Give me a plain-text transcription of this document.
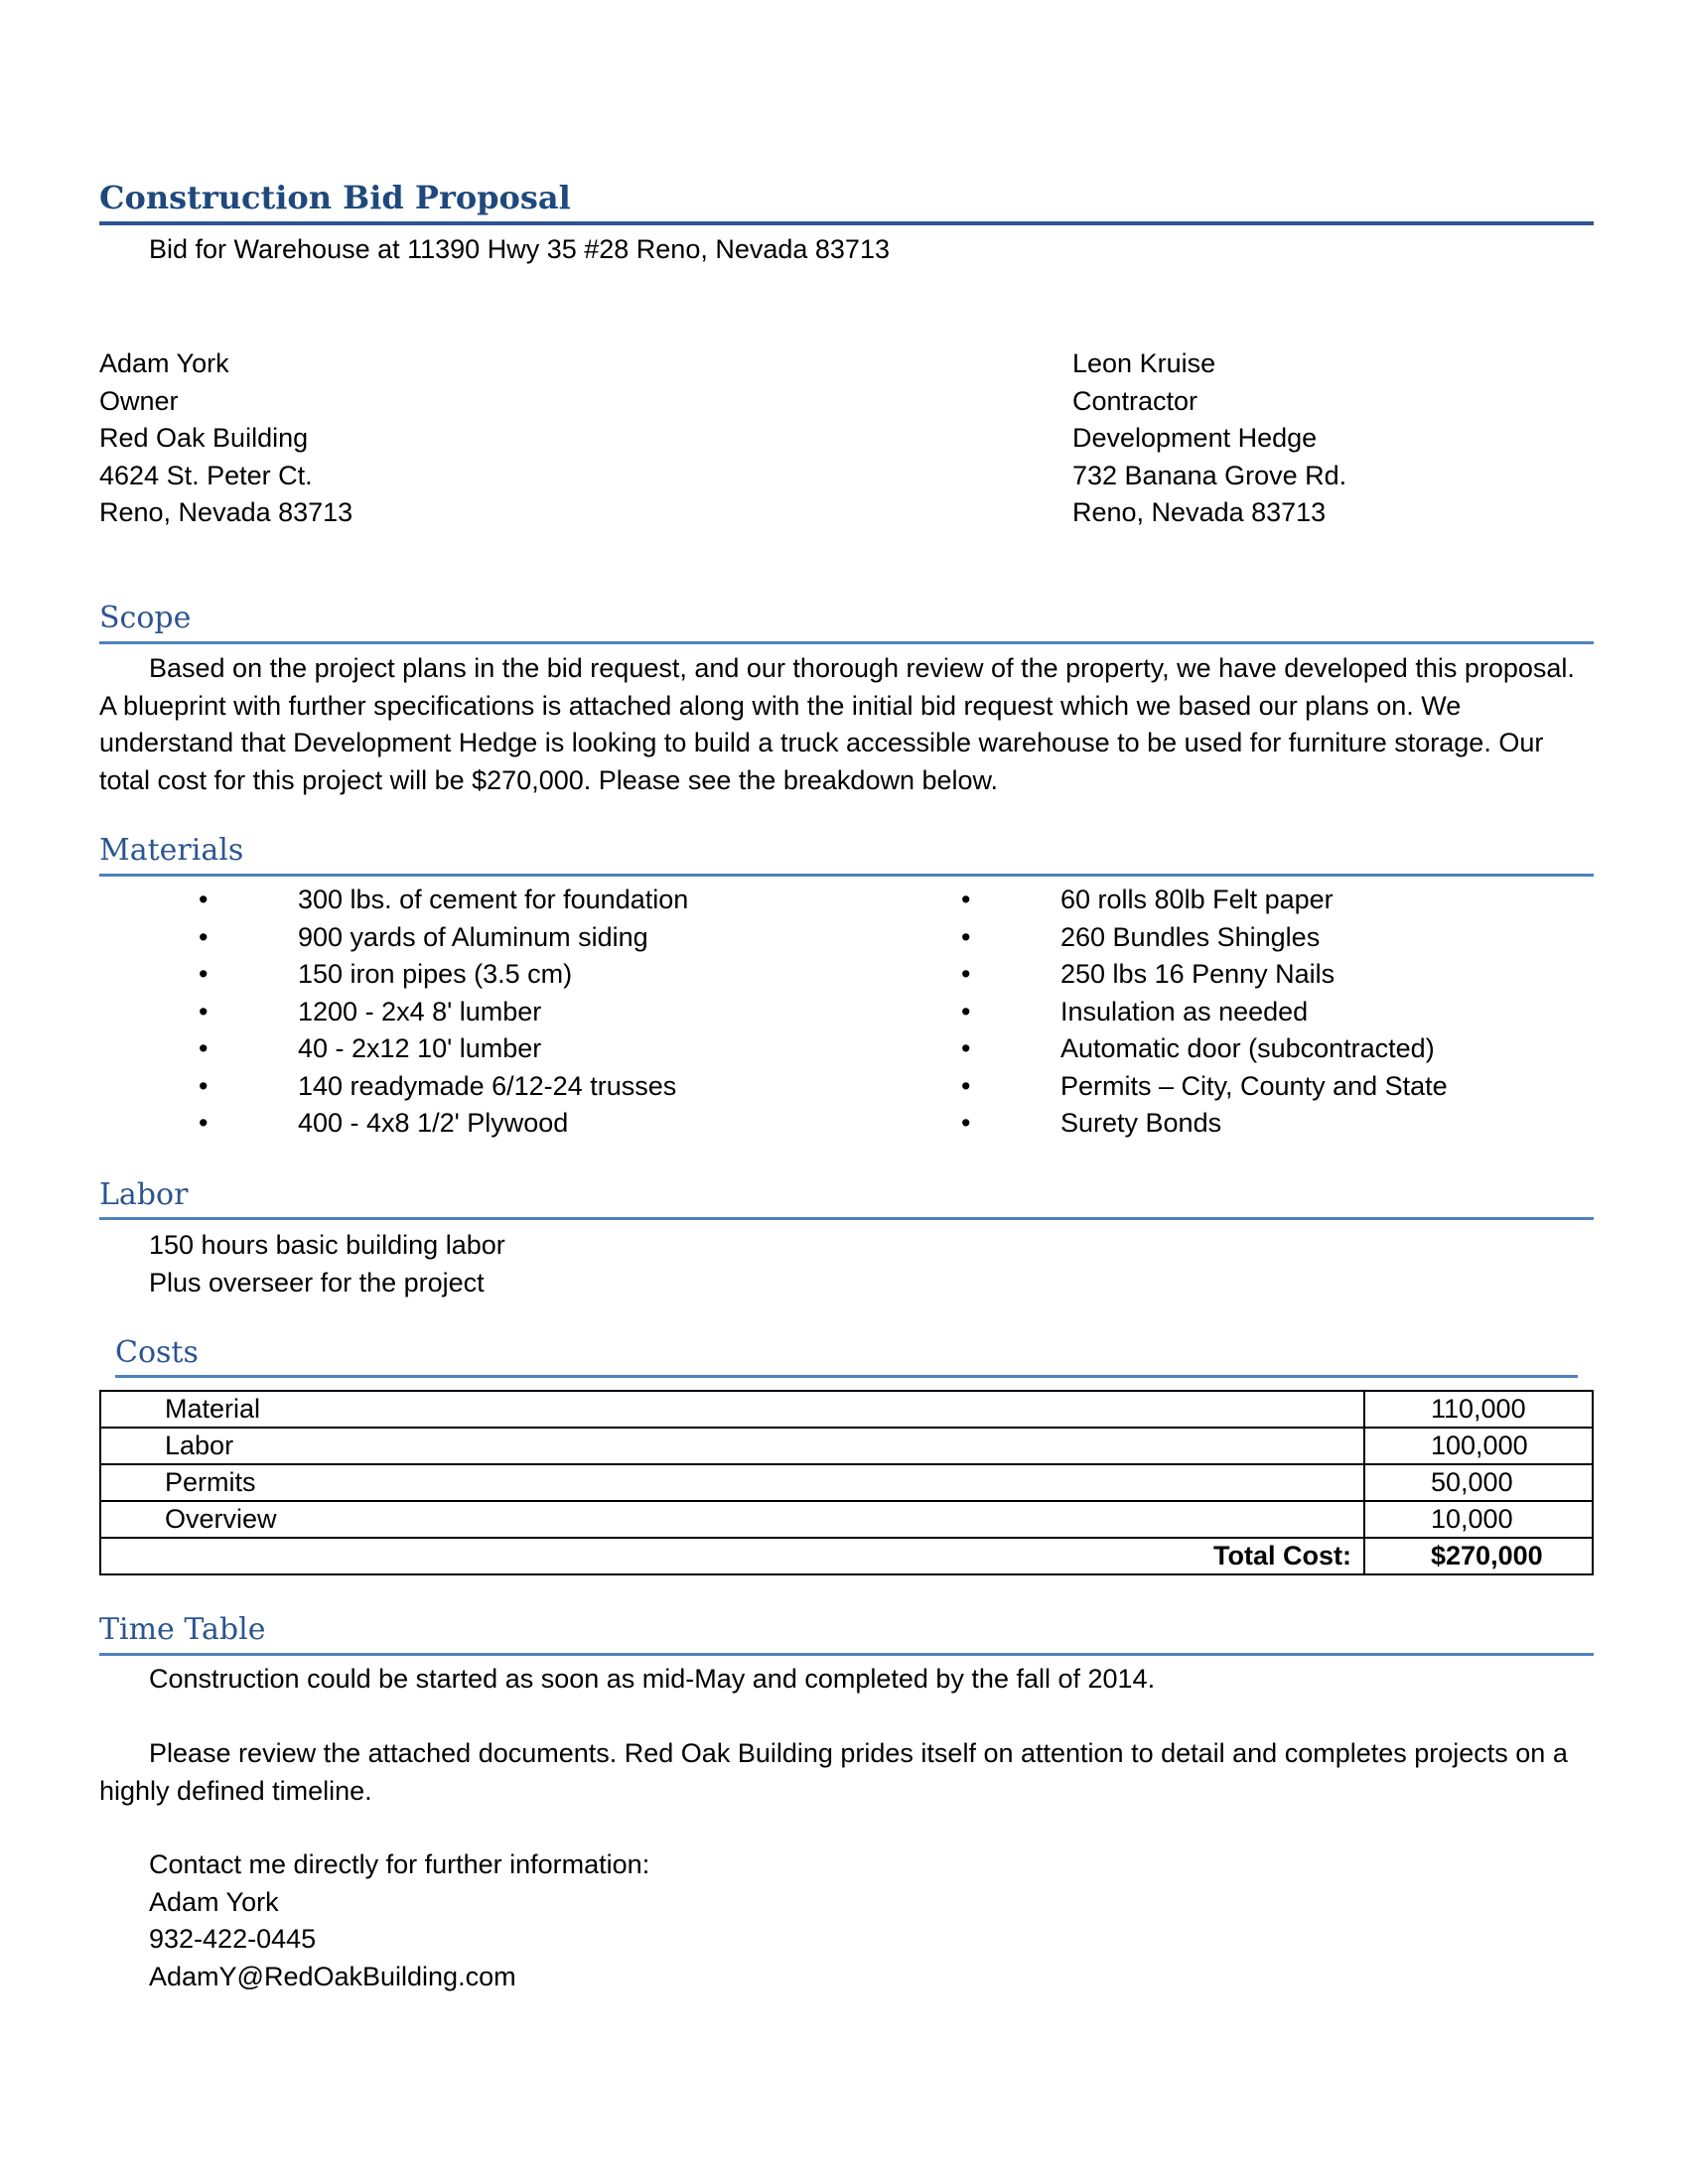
Construction Bid Proposal
Bid for Warehouse at 11390 Hwy 35 #28 Reno, Nevada 83713
Adam York
Owner
Red Oak Building
4624 St. Peter Ct.
Reno, Nevada 83713
Leon Kruise
Contractor
Development Hedge
732 Banana Grove Rd.
Reno, Nevada 83713
Scope
Based on the project plans in the bid request, and our thorough review of the property, we have developed this proposal. A blueprint with further specifications is attached along with the initial bid request which we based our plans on. We understand that Development Hedge is looking to build a truck accessible warehouse to be used for furniture storage. Our total cost for this project will be $270,000. Please see the breakdown below.
Materials
•	300 lbs. of cement for foundation
•	900 yards of Aluminum siding
•	150 iron pipes (3.5 cm)
•	1200 - 2x4 8' lumber
•	40 - 2x12 10' lumber
•	140 readymade 6/12-24 trusses
•	400 - 4x8 1/2' Plywood
•	60 rolls 80lb Felt paper
•	260 Bundles Shingles
•	250 lbs 16 Penny Nails
•	Insulation as needed
•	Automatic door (subcontracted)
•	Permits – City, County and State
•	Surety Bonds
Labor
150 hours basic building labor
Plus overseer for the project
Costs
Material	110,000
Labor	100,000
Permits	50,000
Overview	10,000
Total Cost:	$270,000
Time Table
Construction could be started as soon as mid-May and completed by the fall of 2014.
Please review the attached documents. Red Oak Building prides itself on attention to detail and completes projects on a highly defined timeline.
Contact me directly for further information:
Adam York
932-422-0445
AdamY@RedOakBuilding.com
